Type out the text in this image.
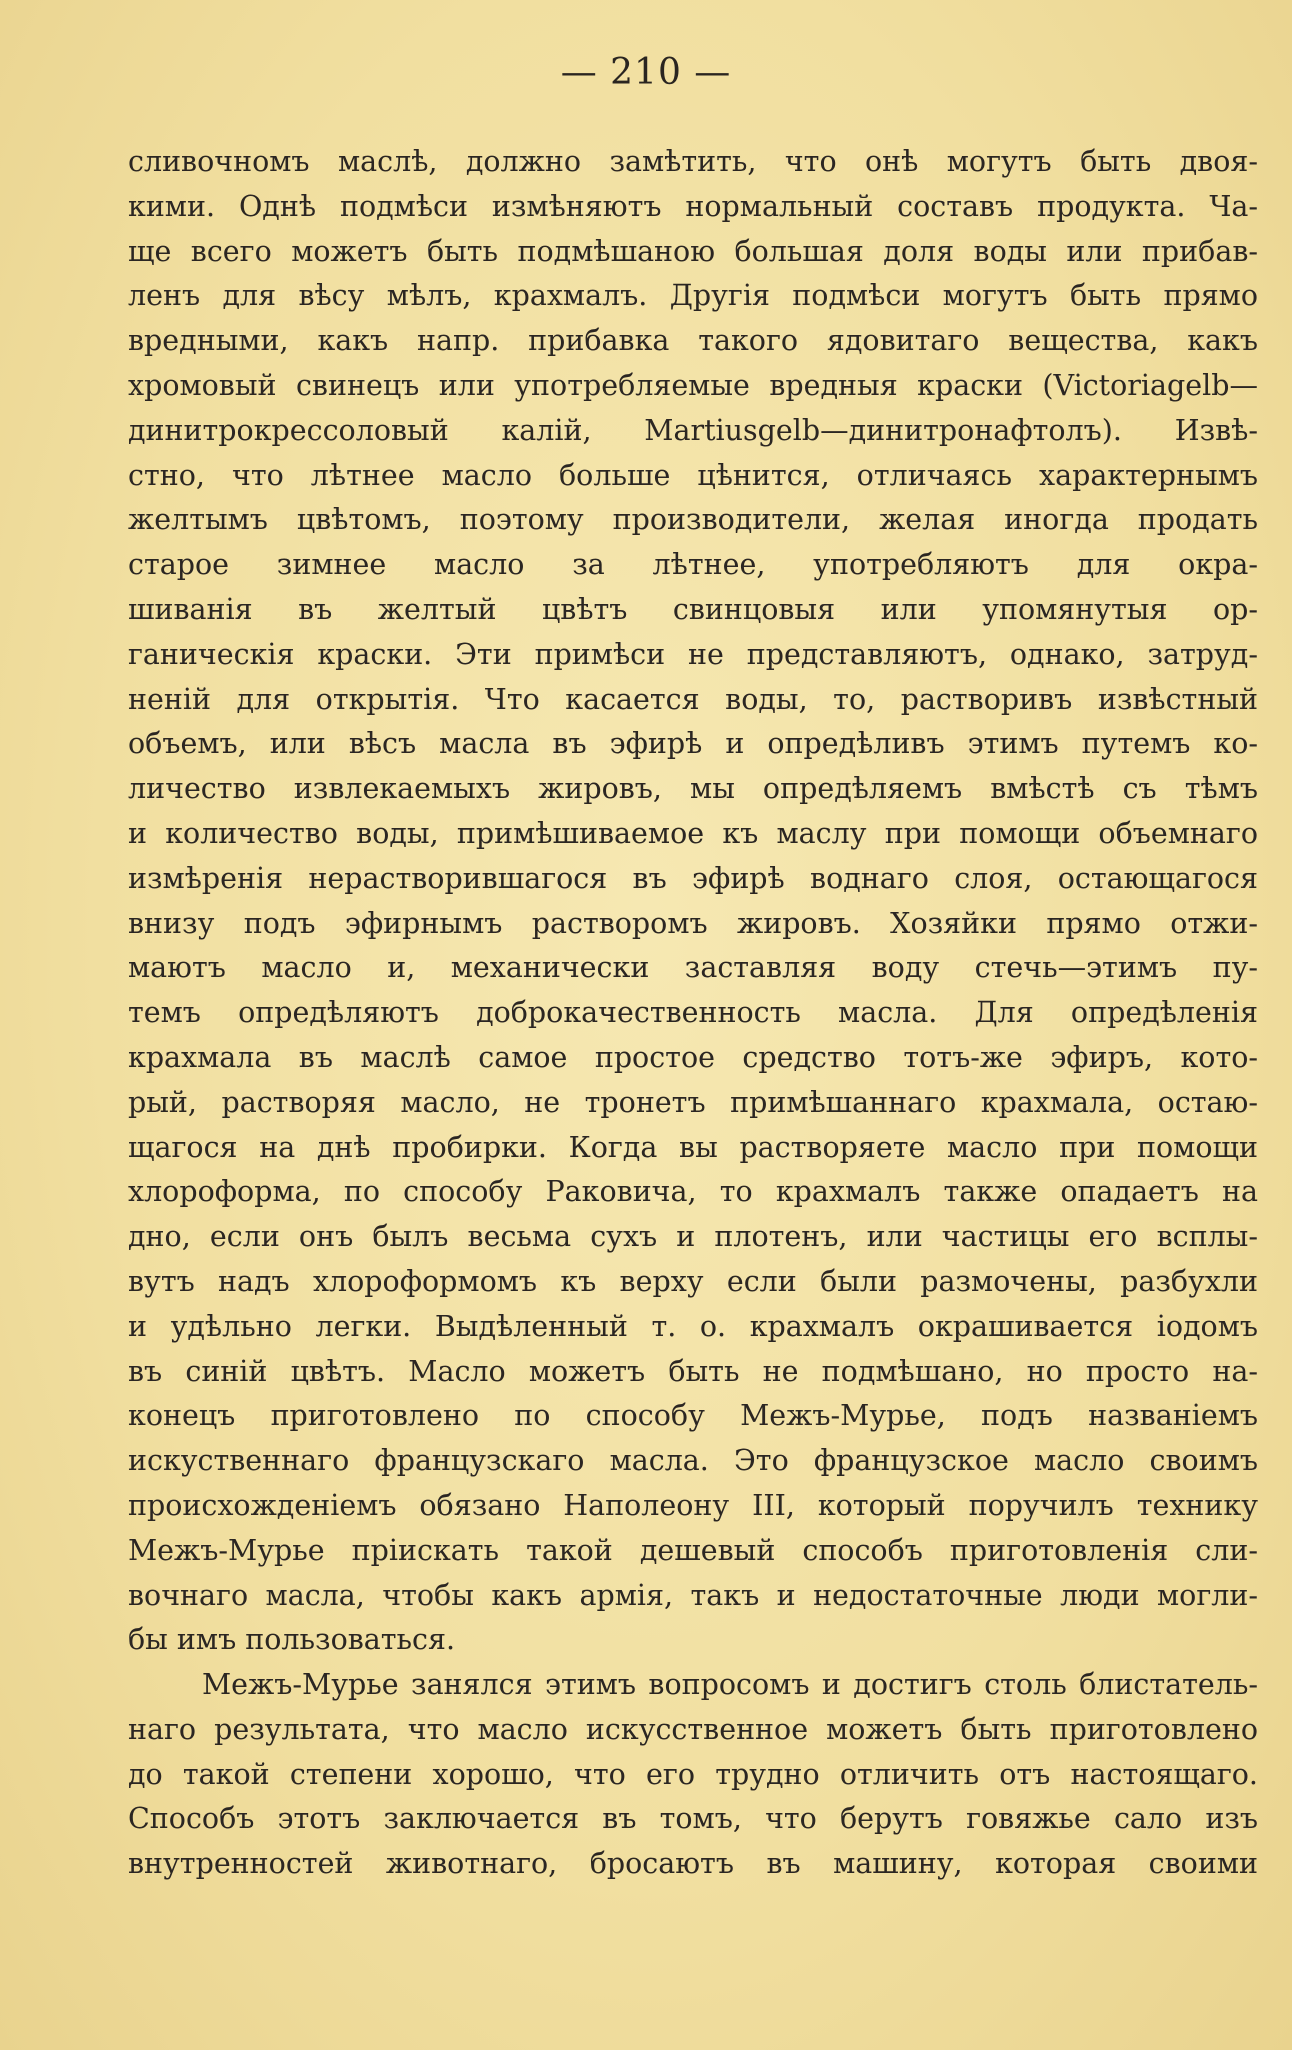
— 210 —
сливочномъ маслѣ, должно замѣтить, что онѣ могутъ быть двоя-
кими. Однѣ подмѣси измѣняютъ нормальный составъ продукта. Ча-
ще всего можетъ быть подмѣшаною большая доля воды или прибав-
ленъ для вѣсу мѣлъ, крахмалъ. Другія подмѣси могутъ быть прямо
вредными, какъ напр. прибавка такого ядовитаго вещества, какъ
хромовый свинецъ или употребляемые вредныя краски (Victoriagelb—
динитрокрессоловый калій, Martiusgelb—динитронафтолъ). Извѣ-
стно, что лѣтнее масло больше цѣнится, отличаясь характернымъ
желтымъ цвѣтомъ, поэтому производители, желая иногда продать
старое зимнее масло за лѣтнее, употребляютъ для окра-
шиванія въ желтый цвѣтъ свинцовыя или упомянутыя ор-
ганическія краски. Эти примѣси не представляютъ, однако, затруд-
неній для открытія. Что касается воды, то, растворивъ извѣстный
объемъ, или вѣсъ масла въ эфирѣ и опредѣливъ этимъ путемъ ко-
личество извлекаемыхъ жировъ, мы опредѣляемъ вмѣстѣ съ тѣмъ
и количество воды, примѣшиваемое къ маслу при помощи объемнаго
измѣренія нерастворившагося въ эфирѣ воднаго слоя, остающагося
внизу подъ эфирнымъ растворомъ жировъ. Хозяйки прямо отжи-
маютъ масло и, механически заставляя воду стечь—этимъ пу-
темъ опредѣляютъ доброкачественность масла. Для опредѣленія
крахмала въ маслѣ самое простое средство тотъ-же эфиръ, кото-
рый, растворяя масло, не тронетъ примѣшаннаго крахмала, остаю-
щагося на днѣ пробирки. Когда вы растворяете масло при помощи
хлороформа, по способу Раковича, то крахмалъ также опадаетъ на
дно, если онъ былъ весьма сухъ и плотенъ, или частицы его всплы-
вутъ надъ хлороформомъ къ верху если были размочены, разбухли
и удѣльно легки. Выдѣленный т. о. крахмалъ окрашивается іодомъ
въ синій цвѣтъ. Масло можетъ быть не подмѣшано, но просто на-
конецъ приготовлено по способу Межъ-Мурье, подъ названіемъ
искуственнаго французскаго масла. Это французское масло своимъ
происхожденіемъ обязано Наполеону III, который поручилъ технику
Межъ-Мурье пріискать такой дешевый способъ приготовленія сли-
вочнаго масла, чтобы какъ армія, такъ и недостаточные люди могли-
бы имъ пользоваться.
Межъ-Мурье занялся этимъ вопросомъ и достигъ столь блистатель-
наго результата, что масло искусственное можетъ быть приготовлено
до такой степени хорошо, что его трудно отличить отъ настоящаго.
Способъ этотъ заключается въ томъ, что берутъ говяжье сало изъ
внутренностей животнаго, бросаютъ въ машину, которая своими
